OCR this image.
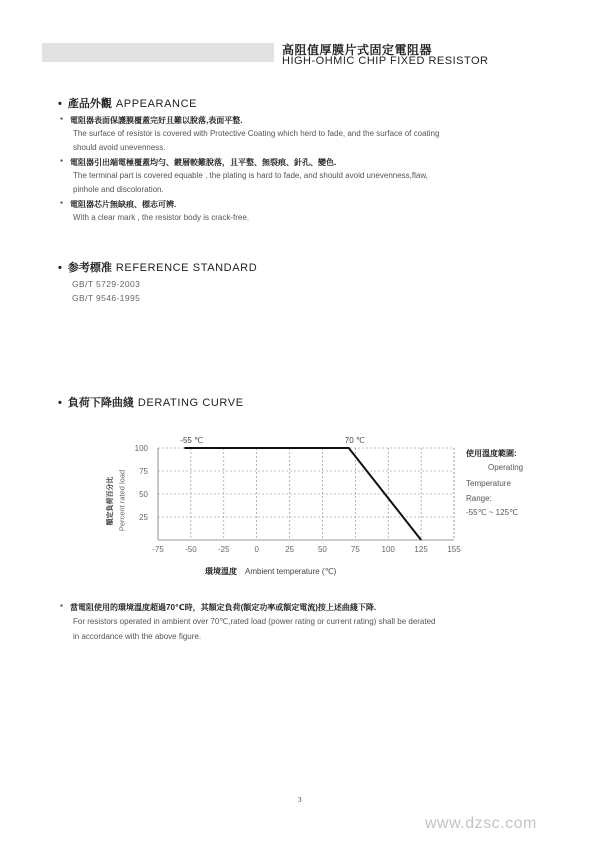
高阻值厚膜片式固定電阻器
HIGH-OHMIC CHIP FIXED RESISTOR
• 產品外觀 APPEARANCE
* 電阻器表面保護膜覆蓋完好且難以脫落,表面平整.
The surface of resistor is covered with Protective Coating which herd to fade, and the surface of coating
should avoid unevenness.
* 電阻器引出端電極覆蓋均勻、鍍層較難脫落，且平整、無裂痕、針孔、變色.
The terminal part is covered equable , the plating is hard to fade, and should avoid unevenness,flaw,
pinhole and discoloration.
* 電阻器芯片無缺痕、標志可辨.
With a clear mark , the resistor body is crack-free.
• 参考標准 REFERENCE STANDARD
GB/T 5729-2003
GB/T 9546-1995
• 負荷下降曲綫 DERATING CURVE
額定負荷百分比 Percent rated load
-75	-50	-25	0	25	50	75	100 125 155
100
75
50
25
-55 ℃	70 ℃
使用溫度範圍:
Operating
Temperature
Range:
-55℃ ~ 125℃
環境溫度 Ambient temperature (℃)
* 當電阻使用的環境溫度超過70℃時，其額定負荷(額定功率或額定電流)按上述曲綫下降.
For resistors operated in ambient over 70℃,rated load (power rating or current rating) shall be derated
in accordance with the above figure.
3
www.dzsc.com
